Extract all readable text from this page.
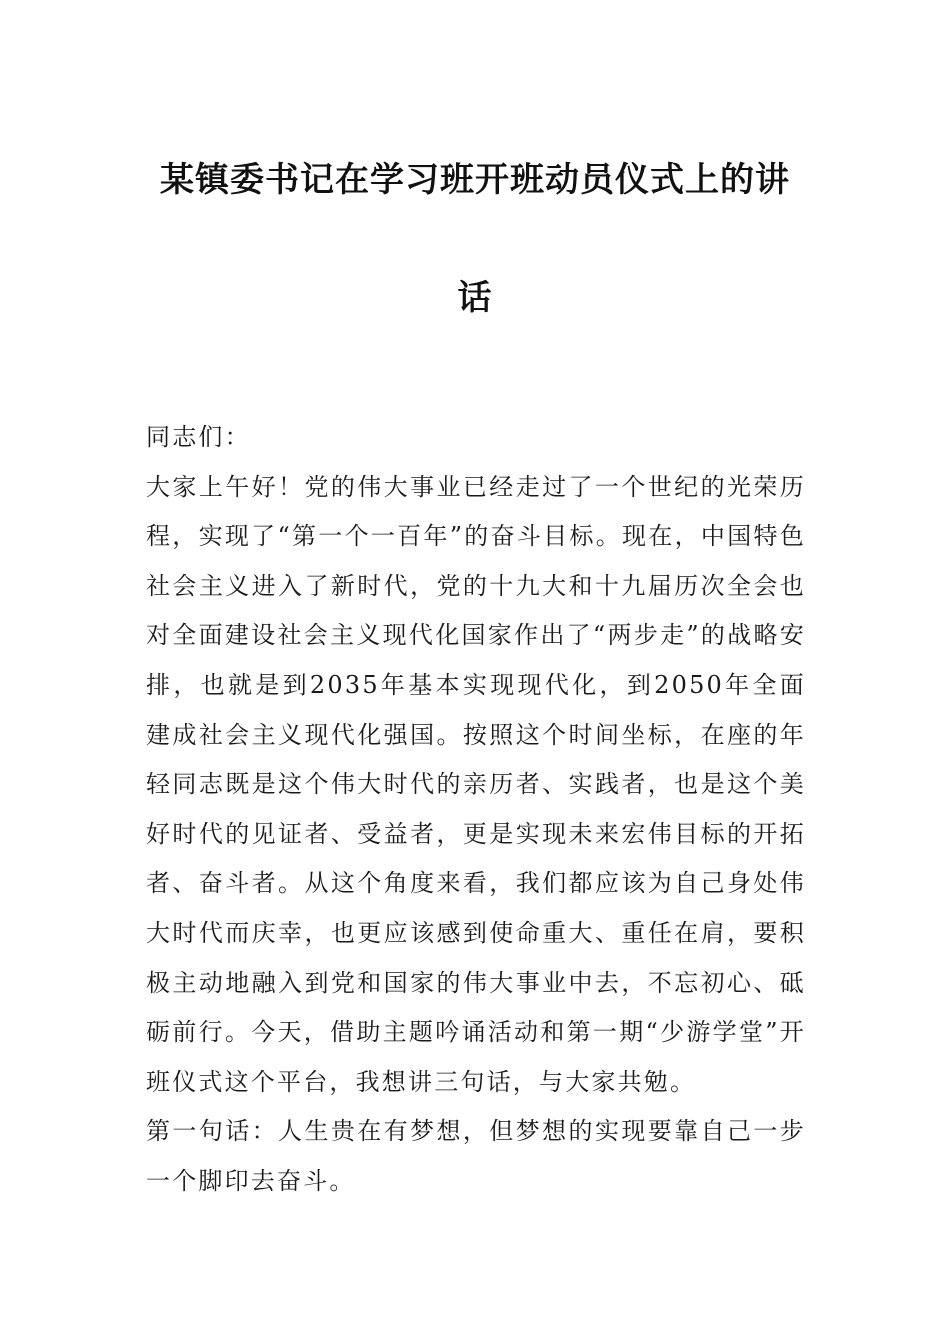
某镇委书记在学习班开班动员仪式上的讲
话

同志们：

大家上午好！党的伟大事业已经走过了一个世纪的光荣历程，实现了“第一个一百年”的奋斗目标。现在，中国特色社会主义进入了新时代，党的十九大和十九届历次全会也对全面建设社会主义现代化国家作出了“两步走”的战略安排，也就是到2035年基本实现现代化，到2050年全面建成社会主义现代化强国。按照这个时间坐标，在座的年轻同志既是这个伟大时代的亲历者、实践者，也是这个美好时代的见证者、受益者，更是实现未来宏伟目标的开拓者、奋斗者。从这个角度来看，我们都应该为自己身处伟大时代而庆幸，也更应该感到使命重大、重任在肩，要积极主动地融入到党和国家的伟大事业中去，不忘初心、砥砺前行。今天，借助主题吟诵活动和第一期“少游学堂”开班仪式这个平台，我想讲三句话，与大家共勉。

第一句话：人生贵在有梦想，但梦想的实现要靠自己一步一个脚印去奋斗。
